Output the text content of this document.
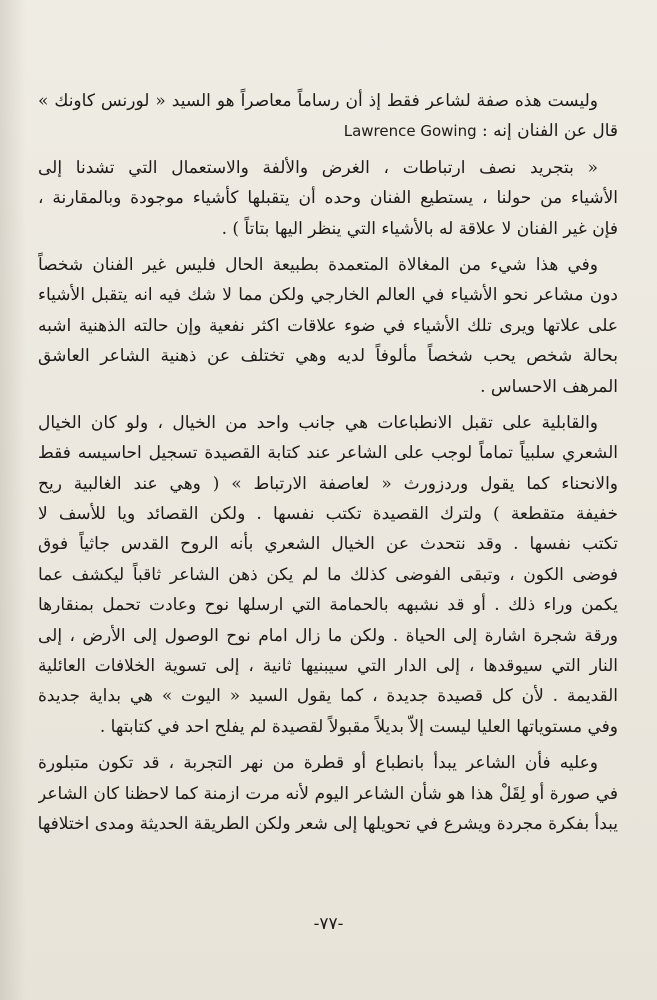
وليست هذه صفة لشاعر فقط إذ أن رساماً معاصراً هو السيد « لورنس كاونك »
قال عن الفنان إنه : Lawrence Gowing
« بتجريد نصف ارتباطات ، الغرض والألفة والاستعمال التي تشدنا إلى
الأشياء من حولنا ، يستطيع الفنان وحده أن يتقبلها كأشياء موجودة وبالمقارنة ،
فإن غير الفنان لا علاقة له بالأشياء التي ينظر اليها بتاتاً ) .
وفي هذا شيء من المغالاة المتعمدة بطبيعة الحال فليس غير الفنان شخصاً
دون مشاعر نحو الأشياء في العالم الخارجي ولكن مما لا شك فيه انه يتقبل الأشياء
على علاتها ويرى تلك الأشياء في ضوء علاقات اكثر نفعية وإن حالته الذهنية اشبه
بحالة شخص يحب شخصاً مألوفاً لديه وهي تختلف عن ذهنية الشاعر العاشق
المرهف الاحساس .
والقابلية على تقبل الانطباعات هي جانب واحد من الخيال ، ولو كان الخيال
الشعري سلبياً تماماً لوجب على الشاعر عند كتابة القصيدة تسجيل احاسيسه فقط
والانحناء كما يقول وردزورث « لعاصفة الارتباط » ( وهي عند الغالبية ريح
خفيفة متقطعة ) ولترك القصيدة تكتب نفسها . ولكن القصائد ويا للأسف لا
تكتب نفسها . وقد نتحدث عن الخيال الشعري بأنه الروح القدس جاثياً فوق
فوضى الكون ، وتبقى الفوضى كذلك ما لم يكن ذهن الشاعر ثاقباً ليكشف عما
يكمن وراء ذلك . أو قد نشبهه بالحمامة التي ارسلها نوح وعادت تحمل بمنقارها
ورقة شجرة اشارة إلى الحياة . ولكن ما زال امام نوح الوصول إلى الأرض ، إلى
النار التي سيوقدها ، إلى الدار التي سيبنيها ثانية ، إلى تسوية الخلافات العائلية
القديمة . لأن كل قصيدة جديدة ، كما يقول السيد « اليوت » هي بداية جديدة
وفي مستوياتها العليا ليست إلاّ بديلاً مقبولاً لقصيدة لم يفلح احد في كتابتها .
وعليه فأن الشاعر يبدأ بانطباع أو قطرة من نهر التجربة ، قد تكون متبلورة
في صورة أو لِقَلْ هذا هو شأن الشاعر اليوم لأنه مرت ازمنة كما لاحظنا كان الشاعر
يبدأ بفكرة مجردة ويشرع في تحويلها إلى شعر ولكن الطريقة الحديثة ومدى اختلافها
-٧٧-
